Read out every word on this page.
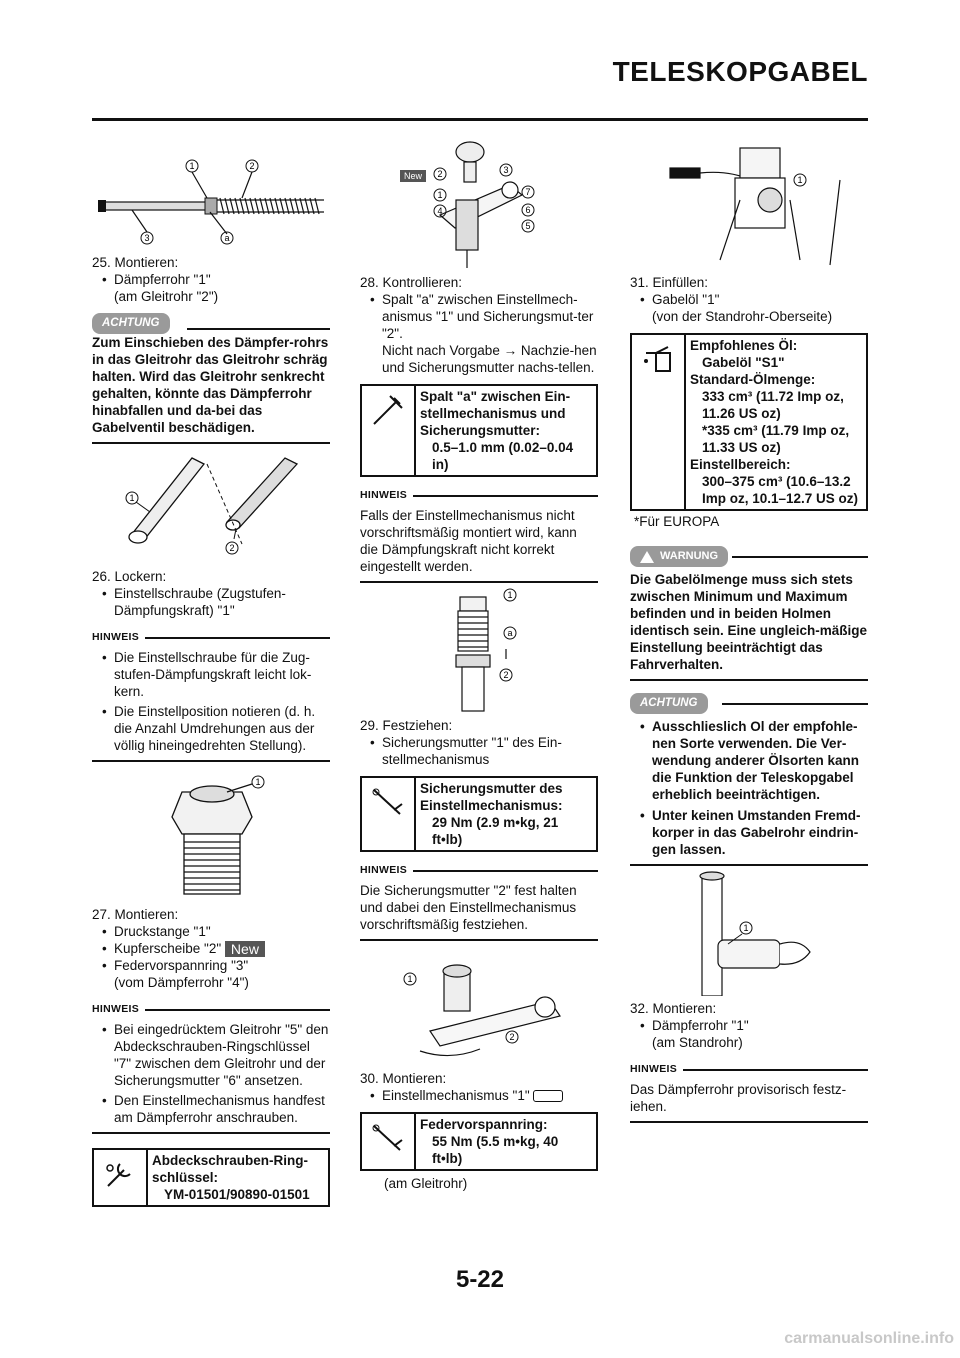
TELESKOPGABEL
1	2
3	a
25. Montieren:
• Dämpferrohr "1"
(am Gleitrohr "2")
ACHTUNG
Zum Einschieben des Dämpfer-rohrs in das Gleitrohr das Gleitrohr schräg halten. Wird das Gleitrohr senkrecht gehalten, könnte das Dämpferrohr hinabfallen und da-bei das Gabelventil beschädigen.
1
2
26. Lockern:
• Einstellschraube (Zugstufen-Dämpfungskraft) "1"
HINWEIS
• Die Einstellschraube für die Zug-stufen-Dämpfungskraft leicht lok-kern.
• Die Einstellposition notieren (d. h. die Anzahl Umdrehungen aus der völlig hineingedrehten Stellung).
1
27. Montieren:
• Druckstange "1"
• Kupferscheibe "2" New
• Federvorspannring "3"
(vom Dämpferrohr "4")
HINWEIS
• Bei eingedrücktem Gleitrohr "5" den Abdeckschrauben-Ringschlüssel "7" zwischen dem Gleitrohr und der Sicherungsmutter "6" ansetzen.
• Den Einstellmechanismus handfest am Dämpferrohr anschrauben.
Abdeckschrauben-Ring-
schlüssel:
YM-01501/90890-01501
New 2	3
1
4
7
6
5
28. Kontrollieren:
• Spalt "a" zwischen Einstellmech-anismus "1" und Sicherungsmut-ter "2".
Nicht nach Vorgabe → Nachzie-hen und Sicherungsmutter nachs-tellen.
Spalt "a" zwischen Ein-
stellmechanismus und
Sicherungsmutter:
0.5–1.0 mm (0.02–0.04 in)
HINWEIS
Falls der Einstellmechanismus nicht vorschriftsmäßig montiert wird, kann die Dämpfungskraft nicht korrekt eingestellt werden.
1
a
2
29. Festziehen:
• Sicherungsmutter "1" des Ein-stellmechanismus
Sicherungsmutter des
Einstellmechanismus:
29 Nm (2.9 m•kg, 21 ft•lb)
HINWEIS
Die Sicherungsmutter "2" fest halten und dabei den Einstellmechanismus vorschriftsmäßig festziehen.
1
2
30. Montieren:
• Einstellmechanismus "1"
Federvorspannring:
55 Nm (5.5 m•kg, 40 ft•lb)
(am Gleitrohr)
1
31. Einfüllen:
• Gabelöl "1"
(von der Standrohr-Oberseite)
Empfohlenes Öl:
Gabelöl "S1"
Standard-Ölmenge:
333 cm³ (11.72 Imp oz, 11.26 US oz)
*335 cm³ (11.79 Imp oz, 11.33 US oz)
Einstellbereich:
300–375 cm³ (10.6–13.2 Imp oz, 10.1–12.7 US oz)
*Für EUROPA
WARNUNG
Die Gabelölmenge muss sich stets zwischen Minimum und Maximum befinden und in beiden Holmen identisch sein. Eine ungleich-mäßige Einstellung beeinträchtigt das Fahrverhalten.
ACHTUNG
• Ausschlieslich Ol der empfohle-nen Sorte verwenden. Die Ver-wendung anderer Ölsorten kann die Funktion der Teleskopgabel erheblich beeinträchtigen.
• Unter keinen Umstanden Fremd-korper in das Gabelrohr eindrin-gen lassen.
1
32. Montieren:
• Dämpferrohr "1"
(am Standrohr)
HINWEIS
Das Dämpferrohr provisorisch festz-iehen.
5-22
carmanualsonline.info
